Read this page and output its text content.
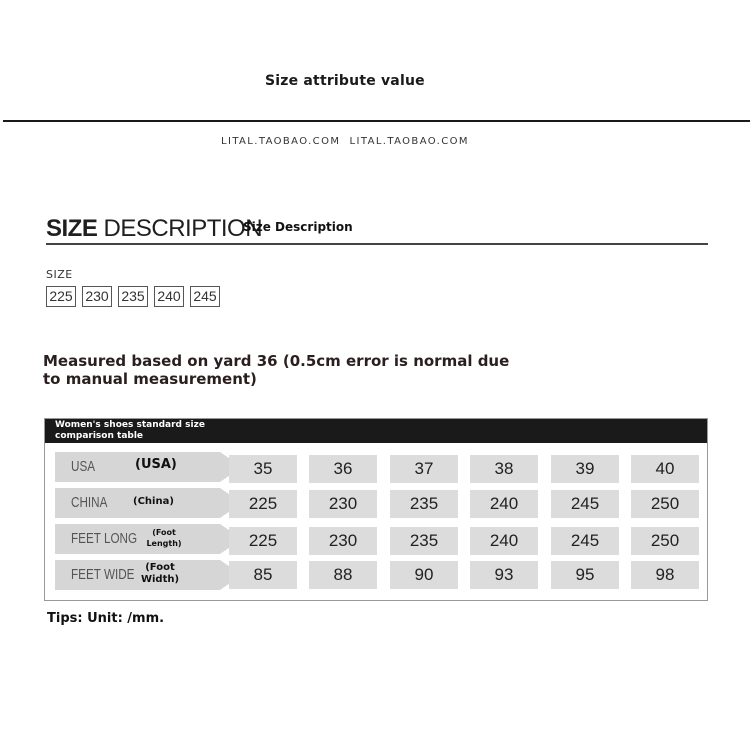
Size attribute value
LITAL.TAOBAO.COM  LITAL.TAOBAO.COM
SIZE DESCRIPTION
Size Description
SIZE
225 230 235 240 245
Measured based on yard 36 (0.5cm error is normal due to manual measurement)
Women's shoes standard size comparison table
USA	(USA)	35	36	37	38	39	40
CHINA	(China)	225	230	235	240	245	250
FEET LONG	(Foot Length)	225	230	235	240	245	250
FEET WIDE	(Foot Width)	85	88	90	93	95	98
Tips: Unit: /mm.
